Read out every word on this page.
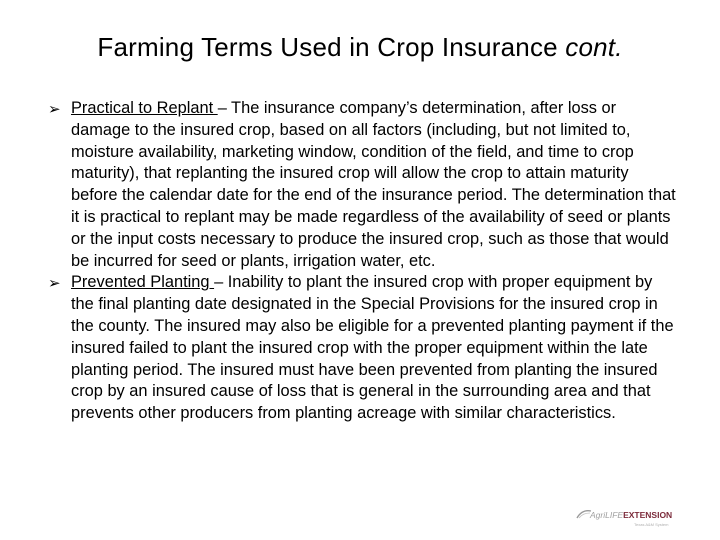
Farming Terms Used in Crop Insurance cont.
➢ Practical to Replant – The insurance company’s determination, after loss or damage to the insured crop, based on all factors (including, but not limited to, moisture availability, marketing window, condition of the field, and time to crop maturity), that replanting the insured crop will allow the crop to attain maturity before the calendar date for the end of the insurance period. The determination that it is practical to replant may be made regardless of the availability of seed or plants or the input costs necessary to produce the insured crop, such as those that would be incurred for seed or plants, irrigation water, etc.
➢ Prevented Planting – Inability to plant the insured crop with proper equipment by the final planting date designated in the Special Provisions for the insured crop in the county. The insured may also be eligible for a prevented planting payment if the insured failed to plant the insured crop with the proper equipment within the late planting period. The insured must have been prevented from planting the insured crop by an insured cause of loss that is general in the surrounding area and that prevents other producers from planting acreage with similar characteristics.
AgriLIFEEXTENSION
Texas A&M System
